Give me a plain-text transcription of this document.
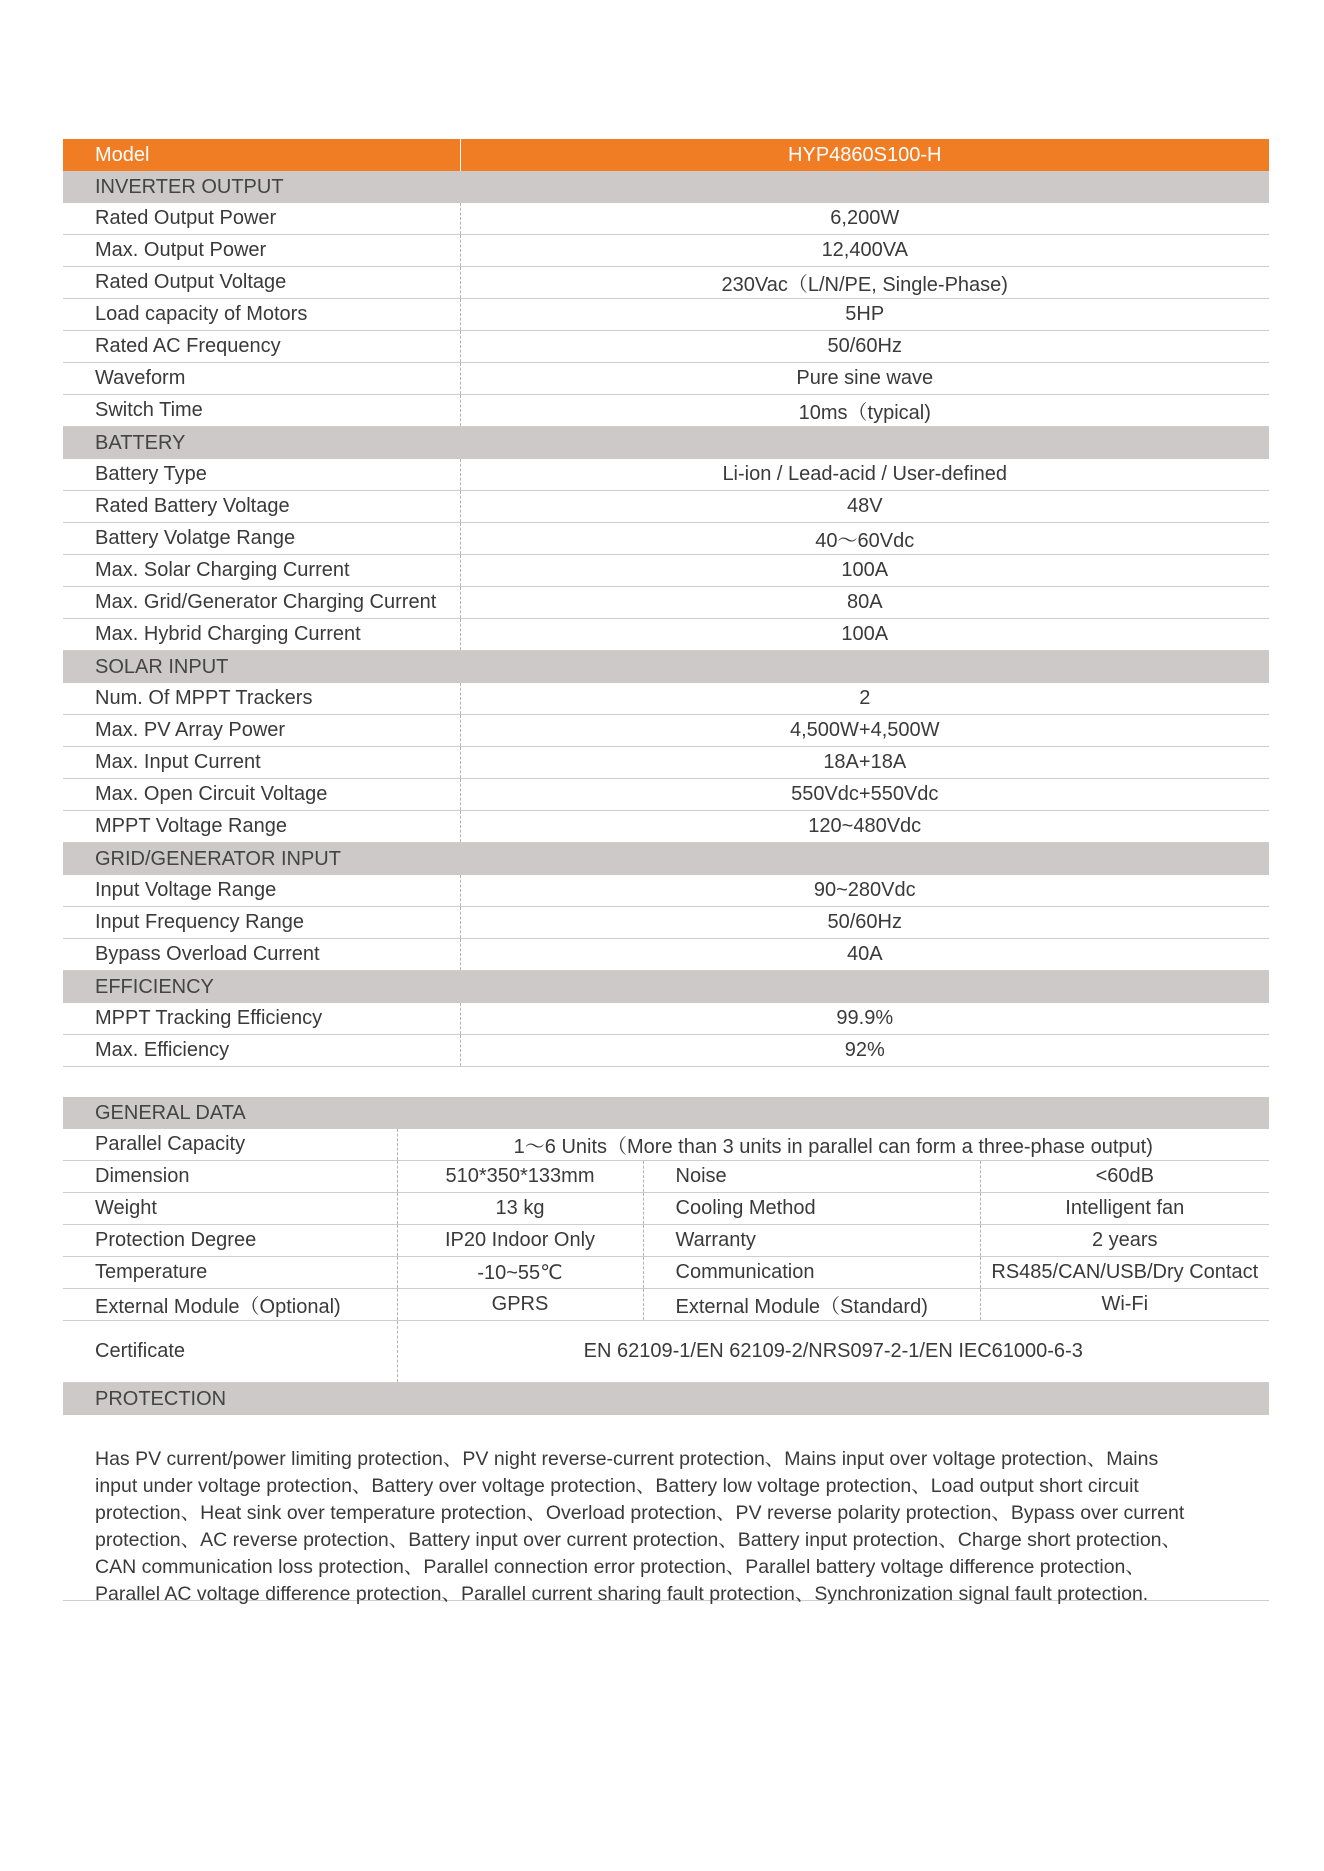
Model	HYP4860S100-H
INVERTER OUTPUT	
Rated Output Power	6,200W
Max. Output Power	12,400VA
Rated Output Voltage	230Vac（L/N/PE, Single-Phase)
Load capacity of Motors	5HP
Rated AC Frequency	50/60Hz
Waveform	Pure sine wave
Switch Time	10ms（typical)
BATTERY	
Battery Type	Li-ion / Lead-acid / User-defined
Rated Battery Voltage	48V
Battery Volatge Range	40～60Vdc
Max. Solar Charging Current	100A
Max. Grid/Generator Charging Current	80A
Max. Hybrid Charging Current	100A
SOLAR INPUT	
Num. Of MPPT Trackers	2
Max. PV Array Power	4,500W+4,500W
Max. Input Current	18A+18A
Max. Open Circuit Voltage	550Vdc+550Vdc
MPPT Voltage Range	120~480Vdc
GRID/GENERATOR INPUT	
Input Voltage Range	90~280Vdc
Input Frequency Range	50/60Hz
Bypass Overload Current	40A
EFFICIENCY	
MPPT Tracking Efficiency	99.9%
Max. Efficiency	92%
GENERAL DATA			
Parallel Capacity	1～6 Units（More than 3 units in parallel can form a three-phase output)		
Dimension	510*350*133mm	Noise	<60dB
Weight	13 kg	Cooling Method	Intelligent fan
Protection Degree	IP20 Indoor Only	Warranty	2 years
Temperature	-10~55℃	Communication	RS485/CAN/USB/Dry Contact
External Module（Optional)	GPRS	External Module（Standard)	Wi-Fi
Certificate	EN 62109-1/EN 62109-2/NRS097-2-1/EN IEC61000-6-3		
PROTECTION
Has PV current/power limiting protection、PV night reverse-current protection、Mains input over voltage protection、Mains
input under voltage protection、Battery over voltage protection、Battery low voltage protection、Load output short circuit
protection、Heat sink over temperature protection、Overload protection、PV reverse polarity protection、Bypass over current
protection、AC reverse protection、Battery input over current protection、Battery input protection、Charge short protection、
CAN communication loss protection、Parallel connection error protection、Parallel battery voltage difference protection、
Parallel AC voltage difference protection、Parallel current sharing fault protection、Synchronization signal fault protection.
